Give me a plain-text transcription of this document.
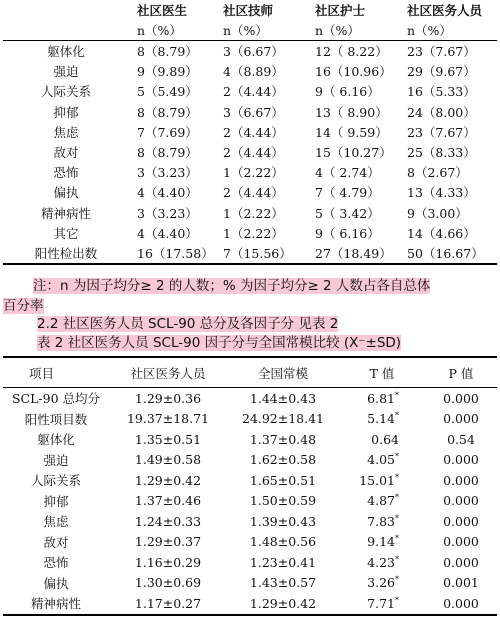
	社区医生	社区技师	社区护士	社区医务人员
	n（%）	n（%）	n（%）	n（%）
躯体化	8（8.79）	3（6.67）	12（ 8.22）	23（7.67）
强迫	9（9.89）	4（8.89）	16（10.96）	29（9.67）
人际关系	5（5.49）	2（4.44）	9（ 6.16）	16（5.33）
抑郁	8（8.79）	3（6.67）	13（ 8.90）	24（8.00）
焦虑	7（7.69）	2（4.44）	14（ 9.59）	23（7.67）
敌对	8（8.79）	2（4.44）	15（10.27）	25（8.33）
恐怖	3（3.23）	1（2.22）	4（ 2.74）	8（2.67）
偏执	4（4.40）	2（4.44）	7（ 4.79）	13（4.33）
精神病性	3（3.23）	1（2.22）	5（ 3.42）	9（3.00）
其它	4（4.40）	1（2.22）	9（ 6.16）	14（4.66）
阳性检出数	16（17.58）	7（15.56）	27（18.49）	50（16.67）
注：n 为因子均分≥ 2 的人数；% 为因子均分≥ 2 人数占各自总体
百分率
2.2 社区医务人员 SCL-90 总分及各因子分 见表 2
表 2 社区医务人员 SCL-90 因子分与全国常模比较 (X⁻±SD)
项目	社区医务人员	全国常模	T 值	P 值
SCL-90 总均分	1.29±0.36	1.44±0.43	6.81*	0.000
阳性项目数	19.37±18.71	24.92±18.41	5.14*	0.000
躯体化	1.35±0.51	1.37±0.48	0.64	0.54
强迫	1.49±0.58	1.62±0.58	4.05*	0.000
人际关系	1.29±0.42	1.65±0.51	15.01*	0.000
抑郁	1.37±0.46	1.50±0.59	4.87*	0.000
焦虑	1.24±0.33	1.39±0.43	7.83*	0.000
敌对	1.29±0.37	1.48±0.56	9.14*	0.000
恐怖	1.16±0.29	1.23±0.41	4.23*	0.000
偏执	1.30±0.69	1.43±0.57	3.26*	0.001
精神病性	1.17±0.27	1.29±0.42	7.71*	0.000
